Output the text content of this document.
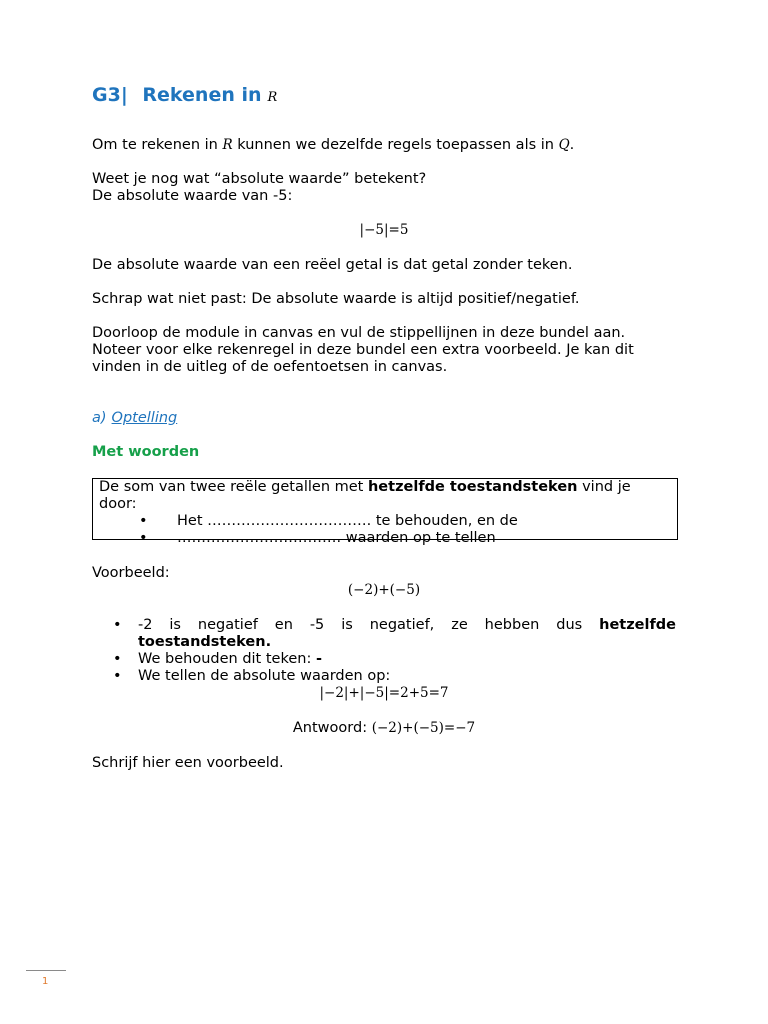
G3| Rekenen in R
Om te rekenen in R kunnen we dezelfde regels toepassen als in Q.
Weet je nog wat “absolute waarde” betekent?
De absolute waarde van -5:
|−5|=5
De absolute waarde van een reëel getal is dat getal zonder teken.
Schrap wat niet past: De absolute waarde is altijd positief/negatief.
Doorloop de module in canvas en vul de stippellijnen in deze bundel aan.
Noteer voor elke rekenregel in deze bundel een extra voorbeeld. Je kan dit
vinden in de uitleg of de oefentoetsen in canvas.
a) Optelling
Met woorden
De som van twee reële getallen met hetzelfde toestandsteken vind je
door:
• Het ……………………………. te behouden, en de
• ……………………………. waarden op te tellen
Voorbeeld:
(−2)+(−5)
• -2 is negatief en -5 is negatief, ze hebben dus hetzelfde
toestandsteken.
• We behouden dit teken: -
• We tellen de absolute waarden op:
|−2|+|−5|=2+5=7
Antwoord: (−2)+(−5)=−7
Schrijf hier een voorbeeld.
1
